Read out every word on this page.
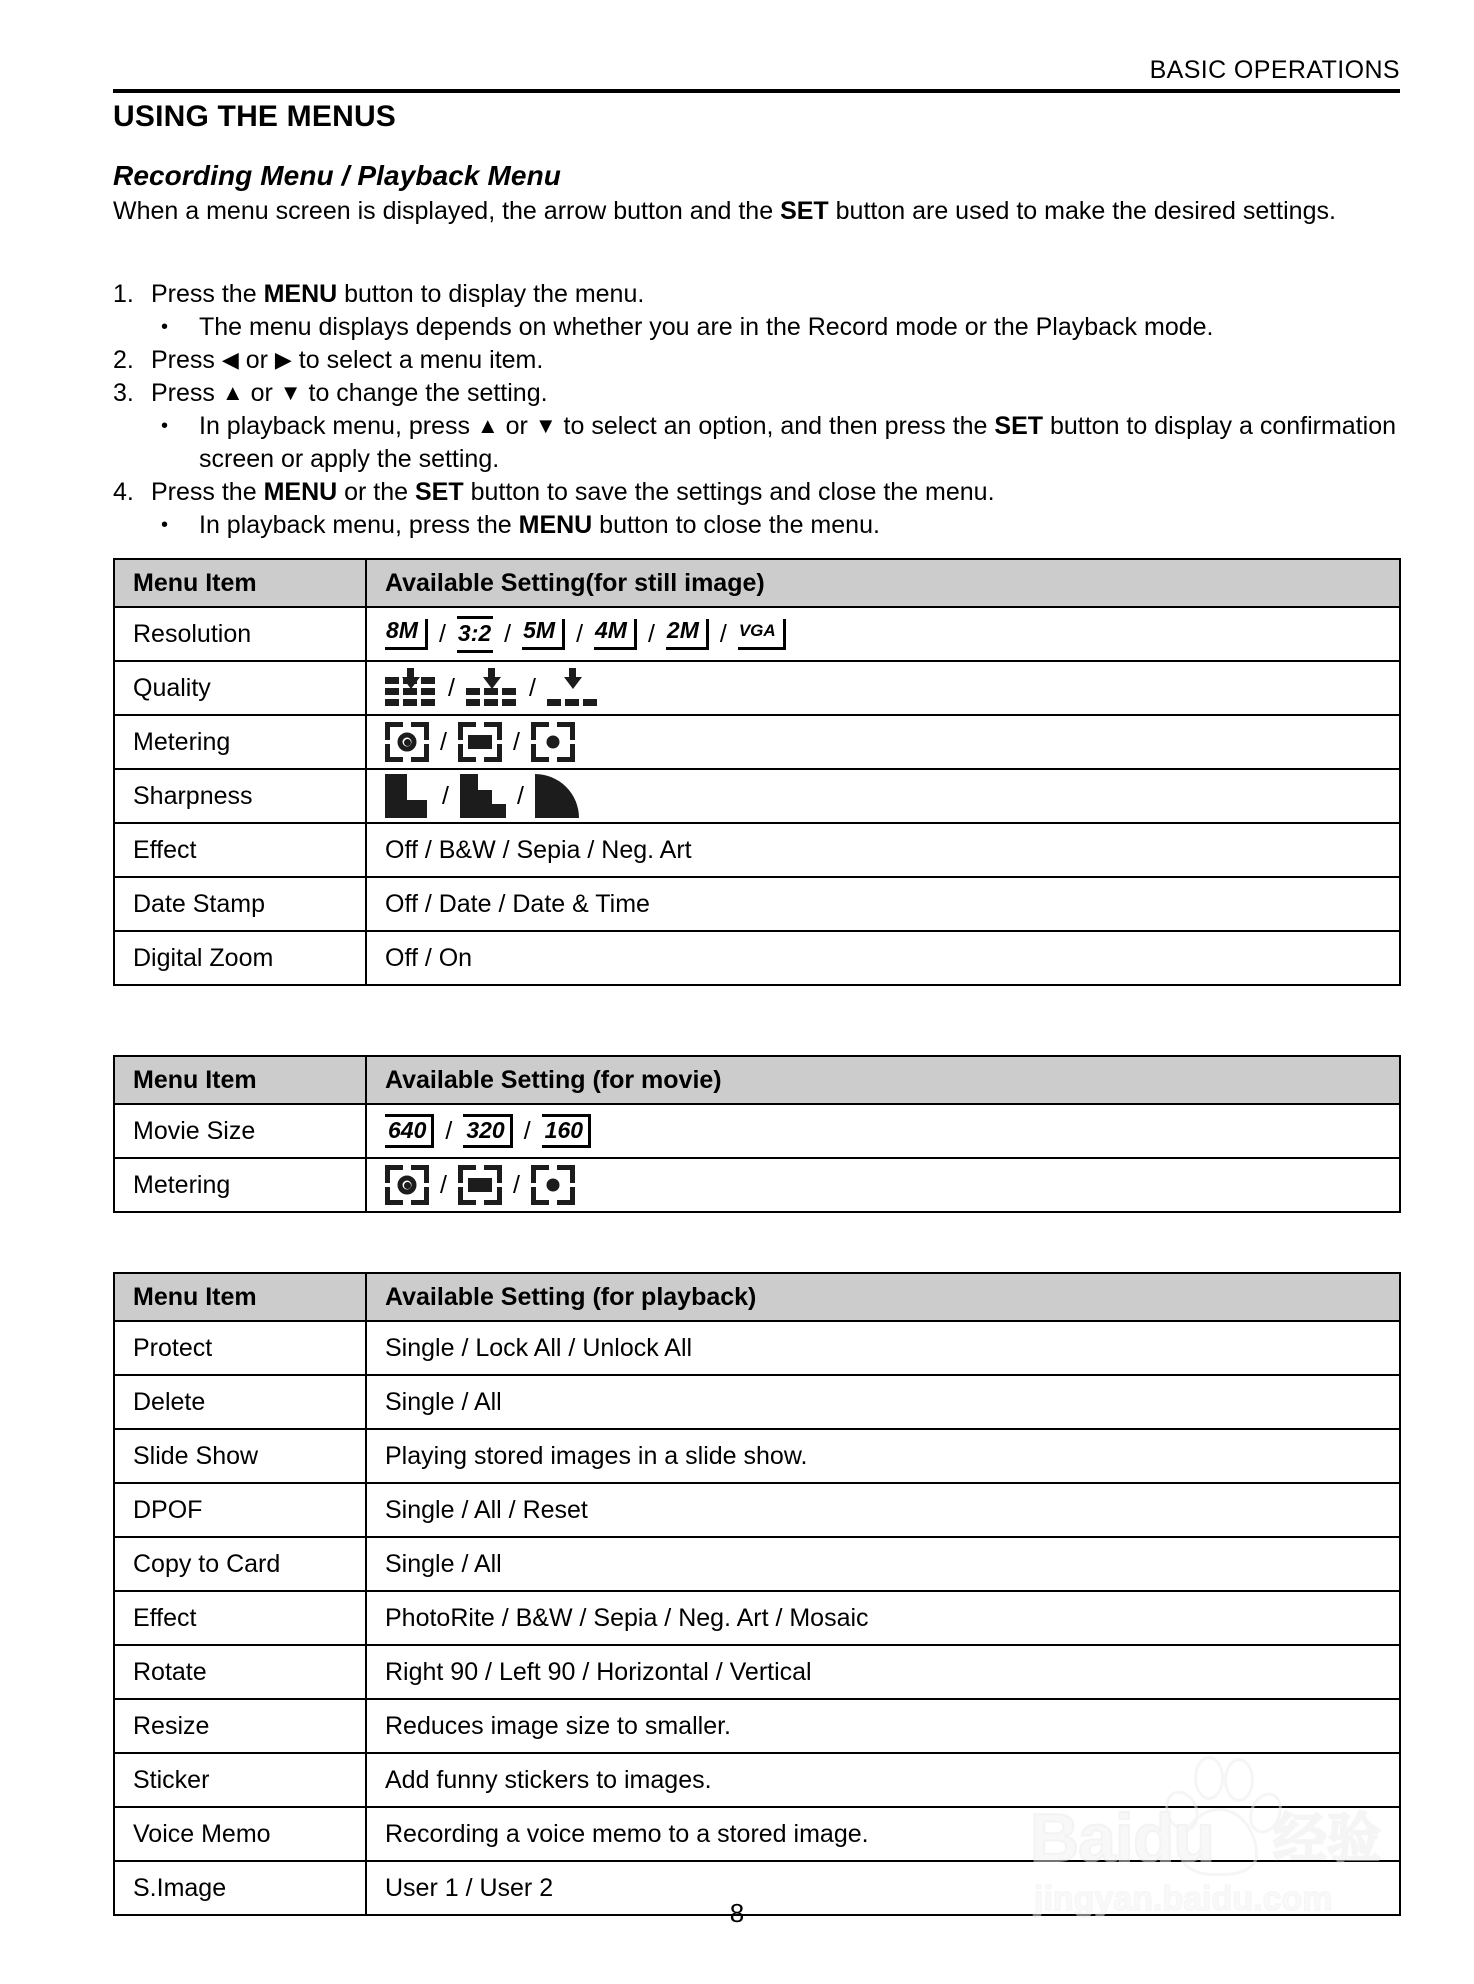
BASIC OPERATIONS
USING THE MENUS
Recording Menu / Playback Menu
When a menu screen is displayed, the arrow button and the SET button are used to make the desired settings.
1. Press the MENU button to display the menu.
•	The menu displays depends on whether you are in the Record mode or the Playback mode.
2. Press ◀ or ▶ to select a menu item.
3. Press ▲ or ▼ to change the setting.
•	In playback menu, press ▲ or ▼ to select an option, and then press the SET button to display a confirmation screen or apply the setting.
4. Press the MENU or the SET button to save the settings and close the menu.
•	In playback menu, press the MENU button to close the menu.
Menu Item	Available Setting(for still image)
Resolution	8M / 3:2 / 5M / 4M / 2M / VGA

Quality	/ /

Metering	/ /

Sharpness	/ /

Effect	Off / B&W / Sepia / Neg. Art
Date Stamp	Off / Date / Date & Time
Digital Zoom	Off / On
Menu Item	Available Setting (for movie)
Movie Size	640 / 320 / 160

Metering	/ /
Menu Item	Available Setting (for playback)
Protect	Single / Lock All / Unlock All
Delete	Single / All
Slide Show	Playing stored images in a slide show.
DPOF	Single / All / Reset
Copy to Card	Single / All
Effect	PhotoRite / B&W / Sepia / Neg. Art / Mosaic
Rotate	Right 90 / Left 90 / Horizontal / Vertical
Resize	Reduces image size to smaller.
Sticker	Add funny stickers to images.
Voice Memo	Recording a voice memo to a stored image.
S.Image	User 1 / User 2
Baidu 经验
jingyan.baidu.com
8
